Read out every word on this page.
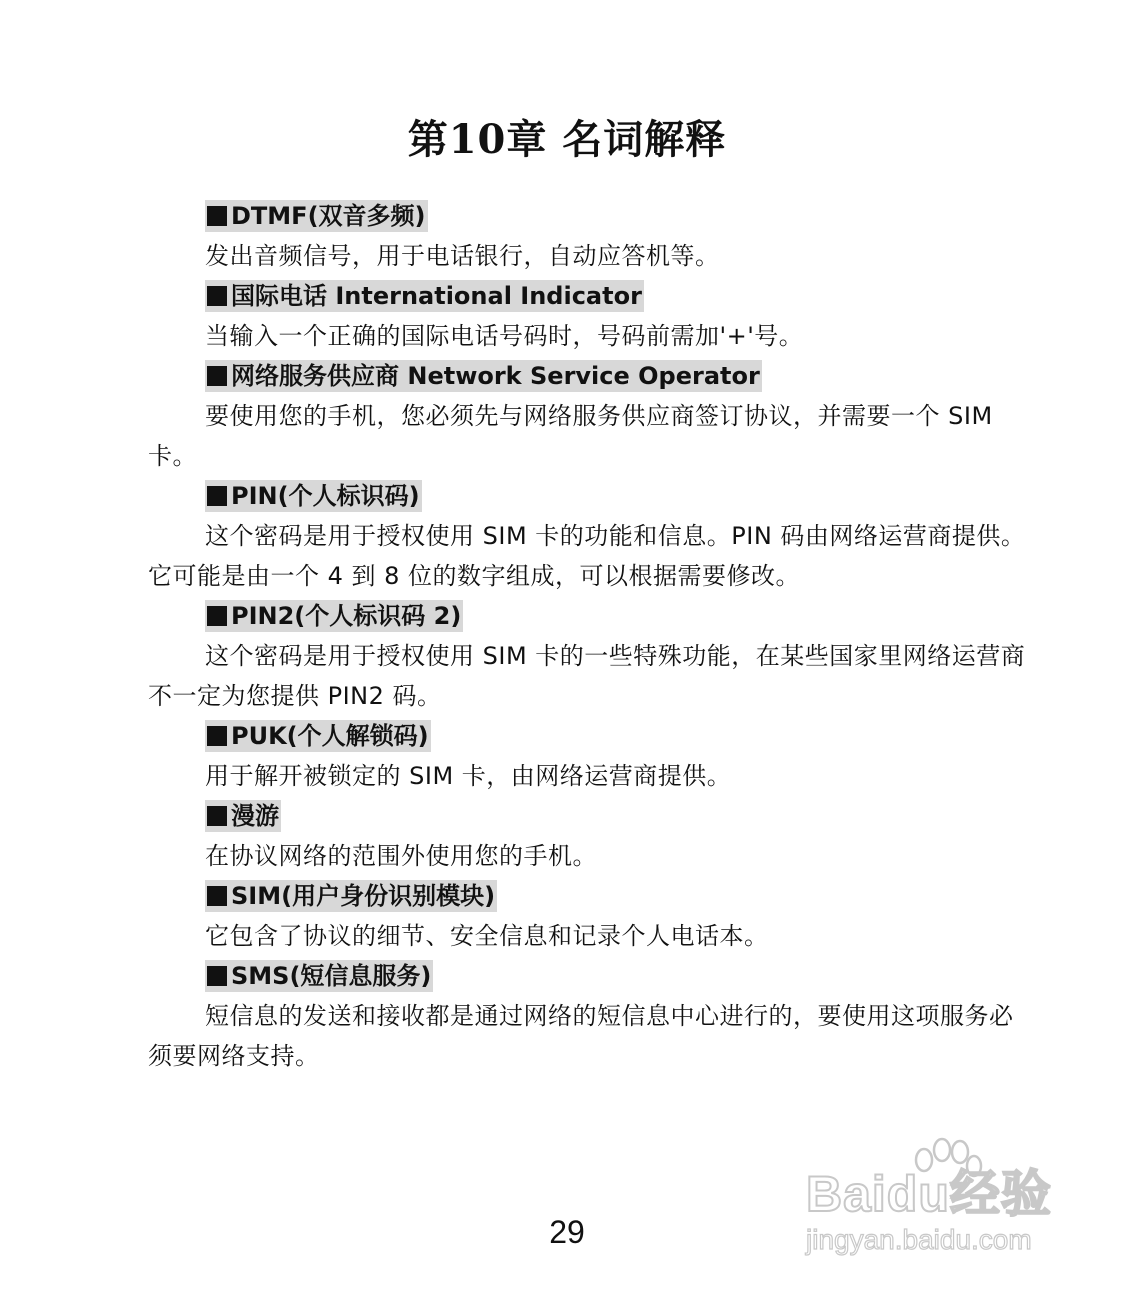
第10章 名词解释
DTMF(双音多频)

发出音频信号，用于电话银行，自动应答机等。

国际电话 International Indicator

当输入一个正确的国际电话号码时，号码前需加'+'号。

网络服务供应商 Network Service Operator

要使用您的手机，您必须先与网络服务供应商签订协议，并需要一个 SIM 卡。

PIN(个人标识码)

这个密码是用于授权使用 SIM 卡的功能和信息。PIN 码由网络运营商提供。它可能是由一个 4 到 8 位的数字组成，可以根据需要修改。

PIN2(个人标识码 2)

这个密码是用于授权使用 SIM 卡的一些特殊功能，在某些国家里网络运营商不一定为您提供 PIN2 码。

PUK(个人解锁码)

用于解开被锁定的 SIM 卡，由网络运营商提供。

漫游

在协议网络的范围外使用您的手机。

SIM(用户身份识别模块)

它包含了协议的细节、安全信息和记录个人电话本。

SMS(短信息服务)

短信息的发送和接收都是通过网络的短信息中心进行的，要使用这项服务必须要网络支持。

29
Baidu经验
jingyan.baidu.com
